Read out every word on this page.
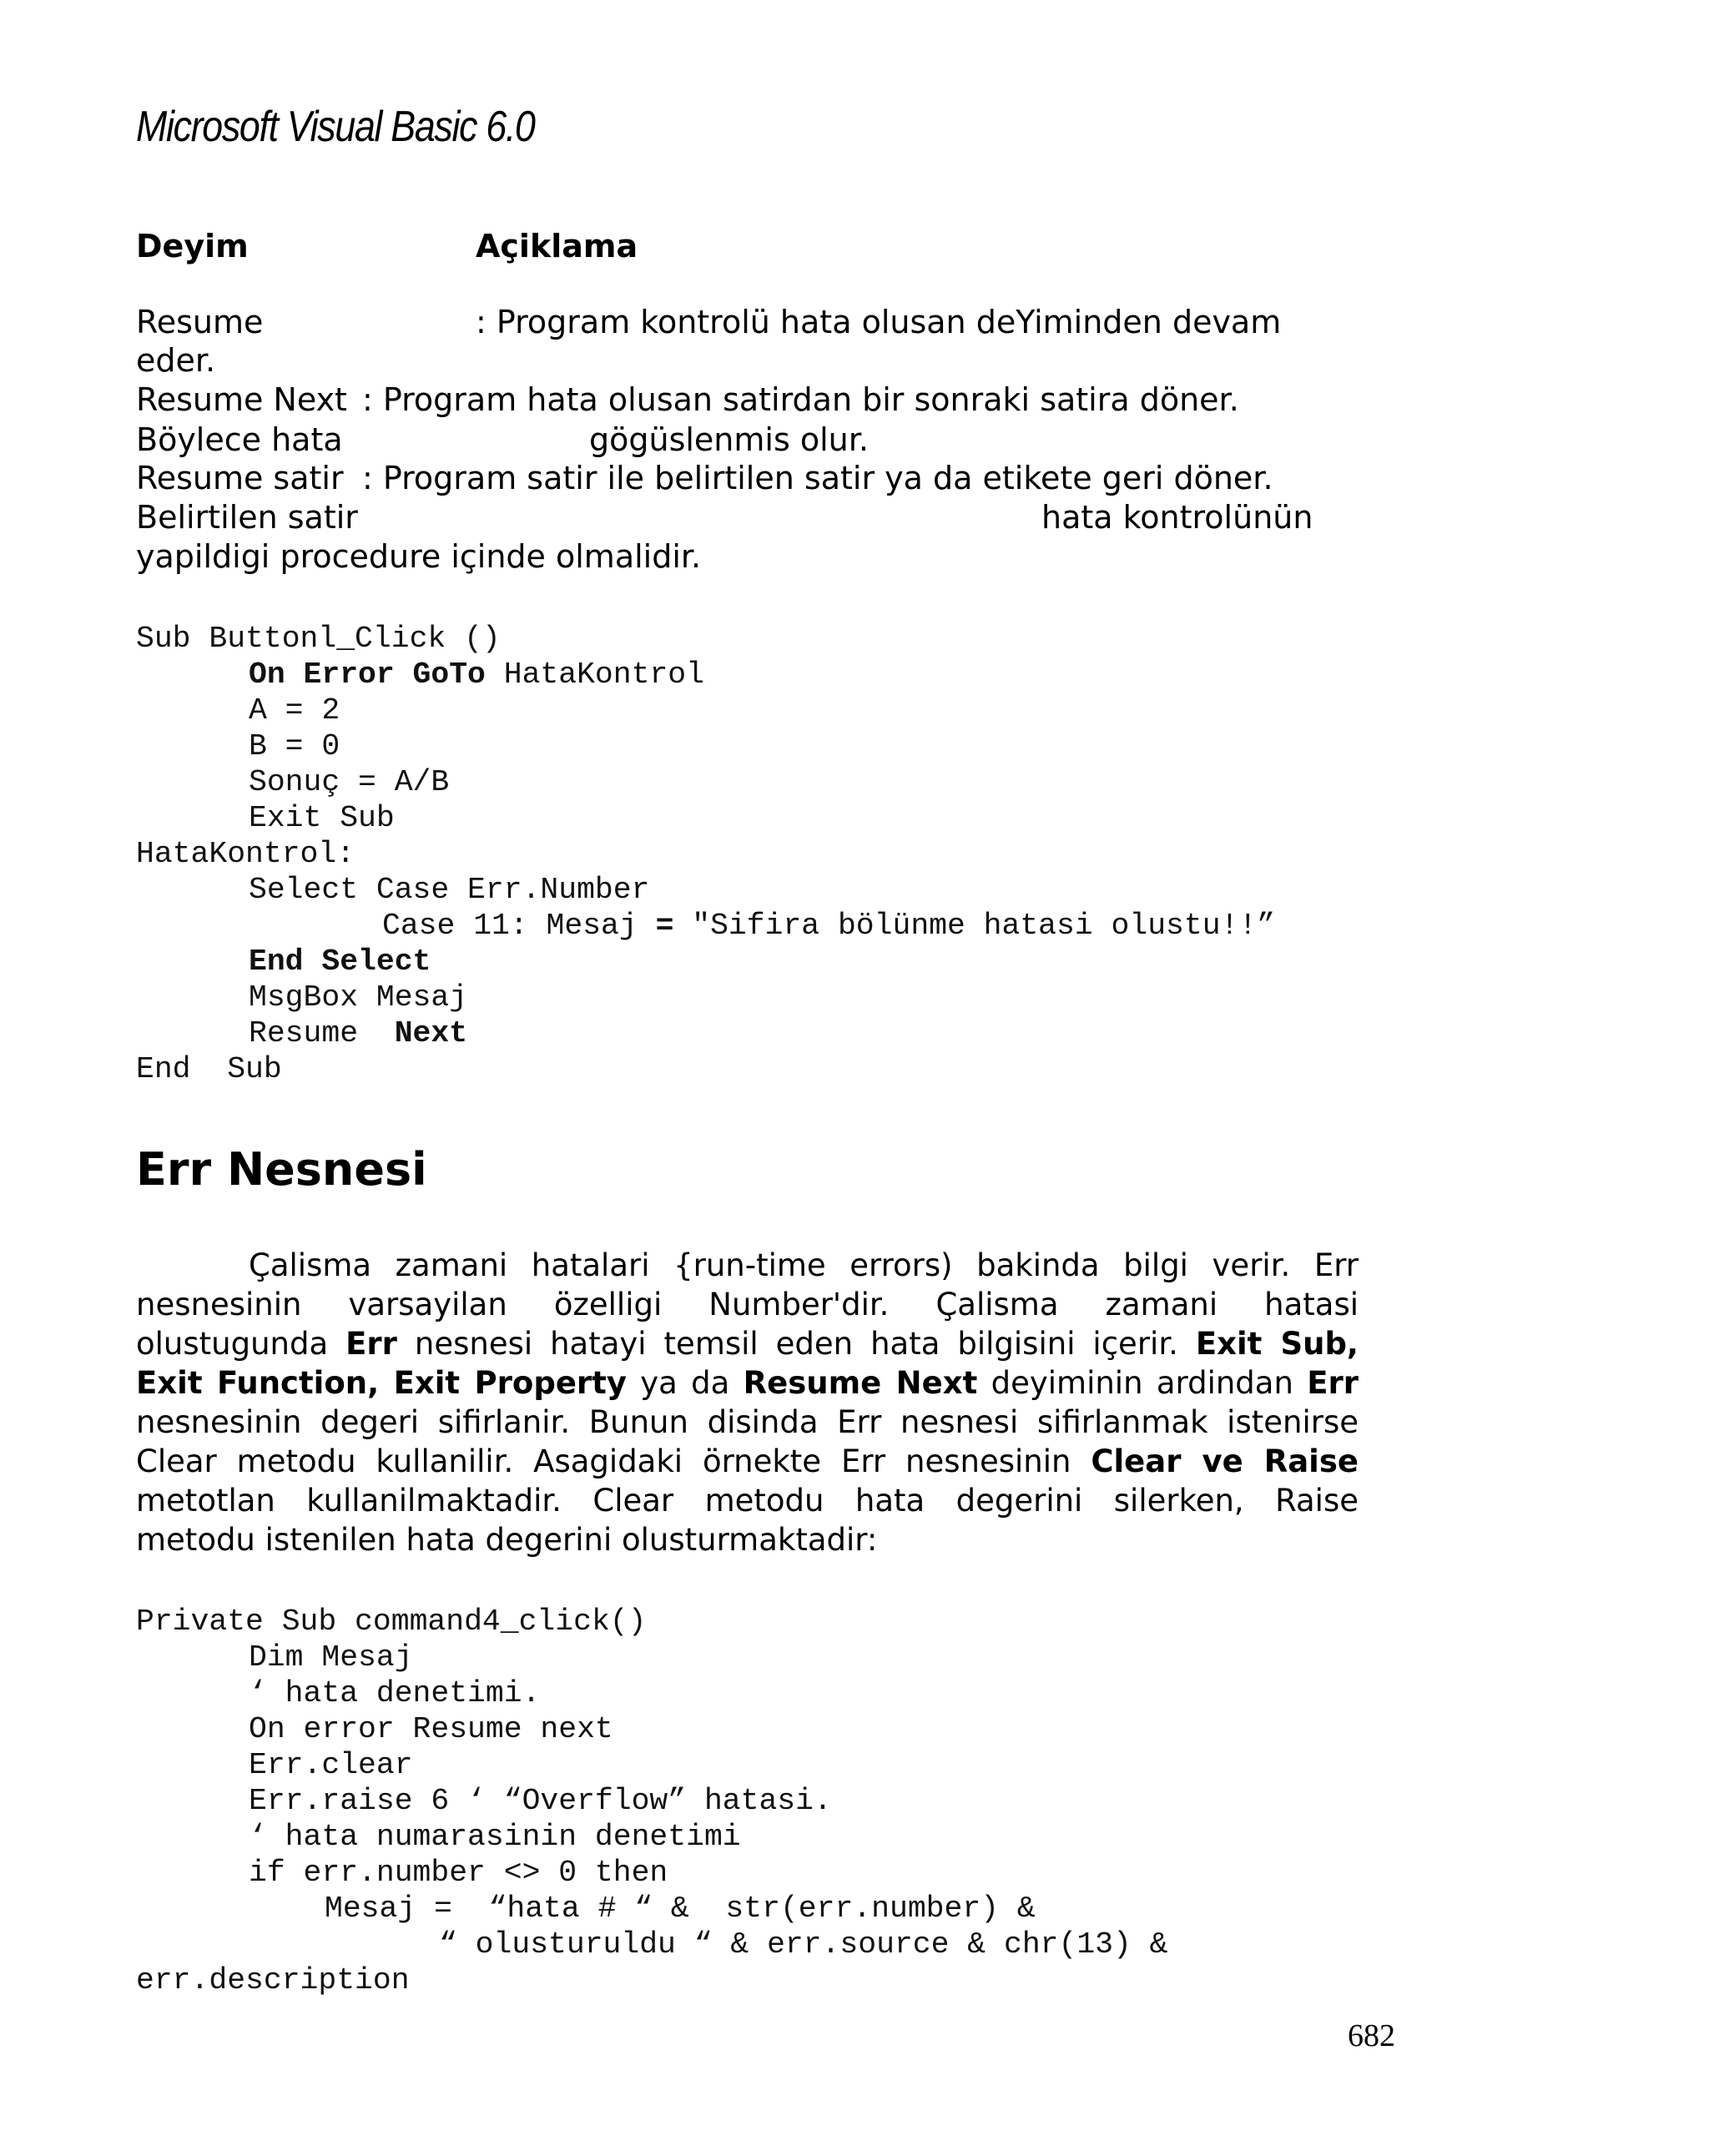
Microsoft Visual Basic 6.0
Deyim	Açiklama
Resume	: Program kontrolü hata olusan deYiminden devam
eder.
Resume Next : Program hata olusan satirdan bir sonraki satira döner.
Böylece hata	gögüslenmis olur.
Resume satir : Program satir ile belirtilen satir ya da etikete geri döner.
Belirtilen satir	hata kontrolünün
yapildigi procedure içinde olmalidir.
Sub Buttonl_Click ()
On Error GoTo HataKontrol
A = 2
B = 0
Sonuç = A/B
Exit Sub
HataKontrol:
Select Case Err.Number
Case 11: Mesaj = "Sifira bölünme hatasi olustu!!”
End Select
MsgBox Mesaj
Resume  Next
End  Sub
Err Nesnesi
Çalisma zamani hatalari {run-time errors) bakinda bilgi verir. Err
nesnesinin varsayilan özelligi Number'dir. Çalisma zamani hatasi
olustugunda Err nesnesi hatayi temsil eden hata bilgisini içerir. Exit Sub,
Exit Function, Exit Property ya da Resume Next deyiminin ardindan Err
nesnesinin degeri sifirlanir. Bunun disinda Err nesnesi sifirlanmak istenirse
Clear metodu kullanilir. Asagidaki örnekte Err nesnesinin Clear ve Raise
metotlan kullanilmaktadir. Clear metodu hata degerini silerken, Raise
metodu istenilen hata degerini olusturmaktadir:
Private Sub command4_click()
Dim Mesaj
‘ hata denetimi.
On error Resume next
Err.clear
Err.raise 6 ‘ “Overflow” hatasi.
‘ hata numarasinin denetimi
if err.number <> 0 then
Mesaj =  “hata # “ &  str(err.number) &
“ olusturuldu “ & err.source & chr(13) &
err.description
682
